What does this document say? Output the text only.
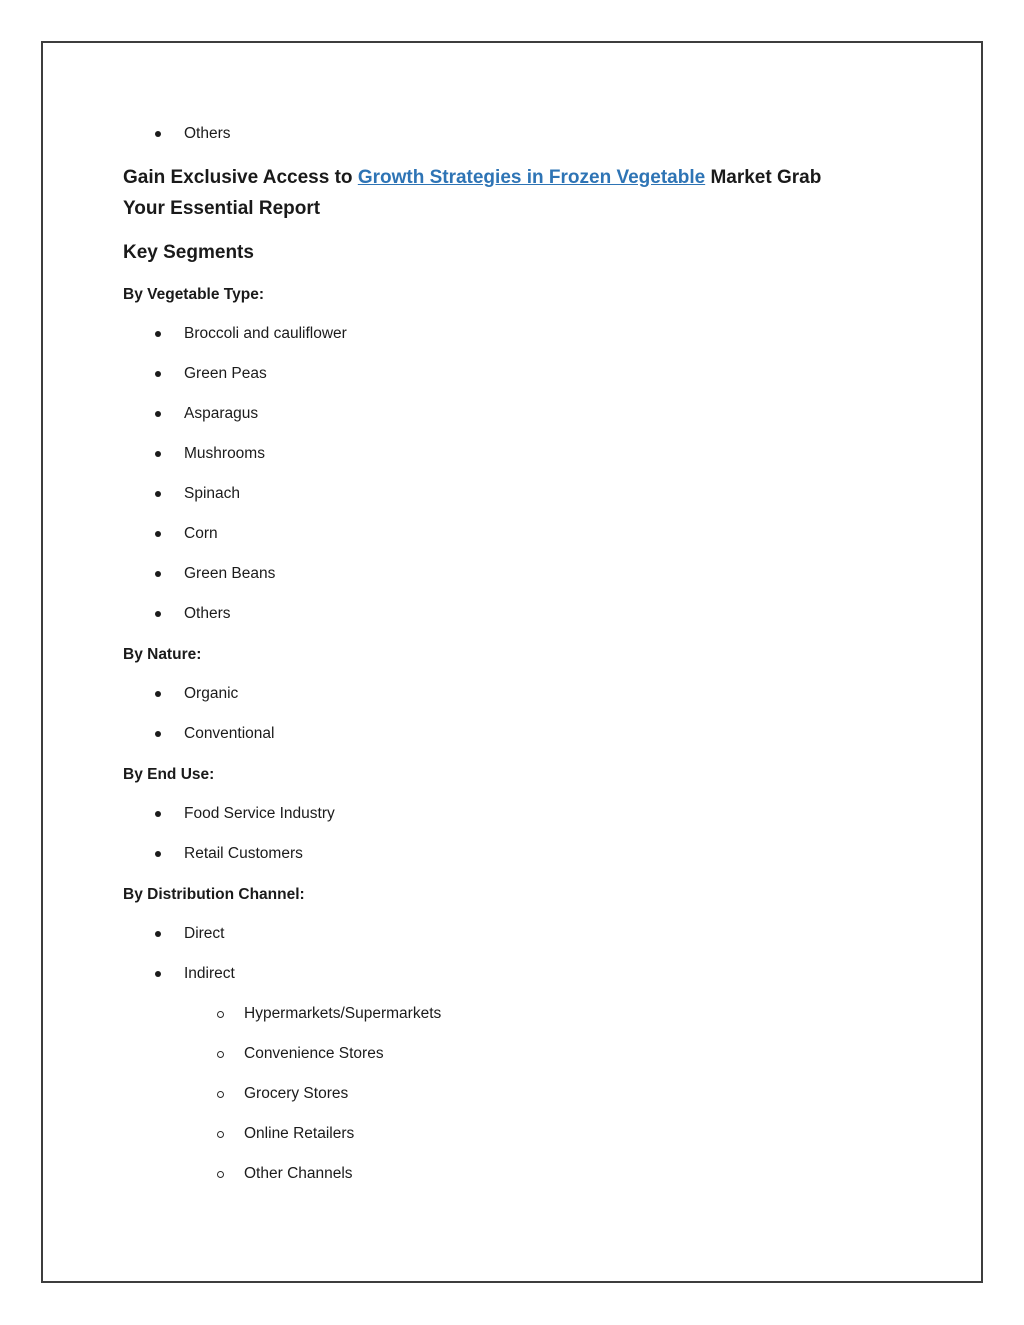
Others
Gain Exclusive Access to Growth Strategies in Frozen Vegetable Market Grab
Your Essential Report
Key Segments
By Vegetable Type:
Broccoli and cauliflower
Green Peas
Asparagus
Mushrooms
Spinach
Corn
Green Beans
Others
By Nature:
Organic
Conventional
By End Use:
Food Service Industry
Retail Customers
By Distribution Channel:
Direct
Indirect
Hypermarkets/Supermarkets
Convenience Stores
Grocery Stores
Online Retailers
Other Channels
